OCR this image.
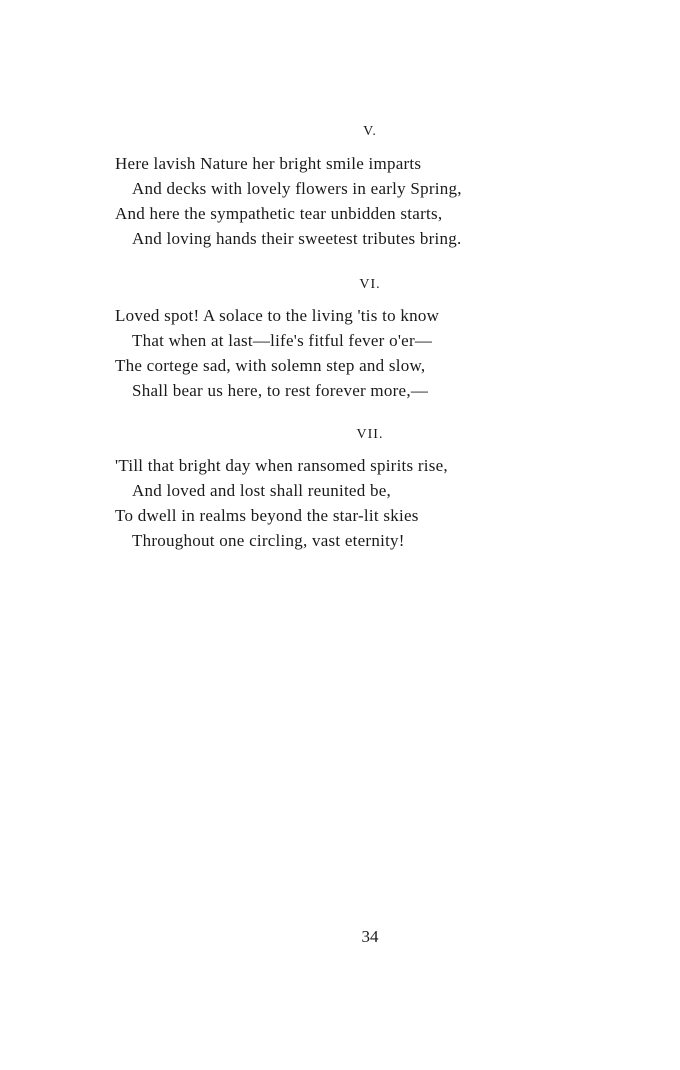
V.
Here lavish Nature her bright smile imparts
And decks with lovely flowers in early Spring,
And here the sympathetic tear unbidden starts,
And loving hands their sweetest tributes bring.
VI.
Loved spot! A solace to the living 'tis to know
That when at last—life's fitful fever o'er—
The cortege sad, with solemn step and slow,
Shall bear us here, to rest forever more,—
VII.
'Till that bright day when ransomed spirits rise,
And loved and lost shall reunited be,
To dwell in realms beyond the star-lit skies
Throughout one circling, vast eternity!
34
